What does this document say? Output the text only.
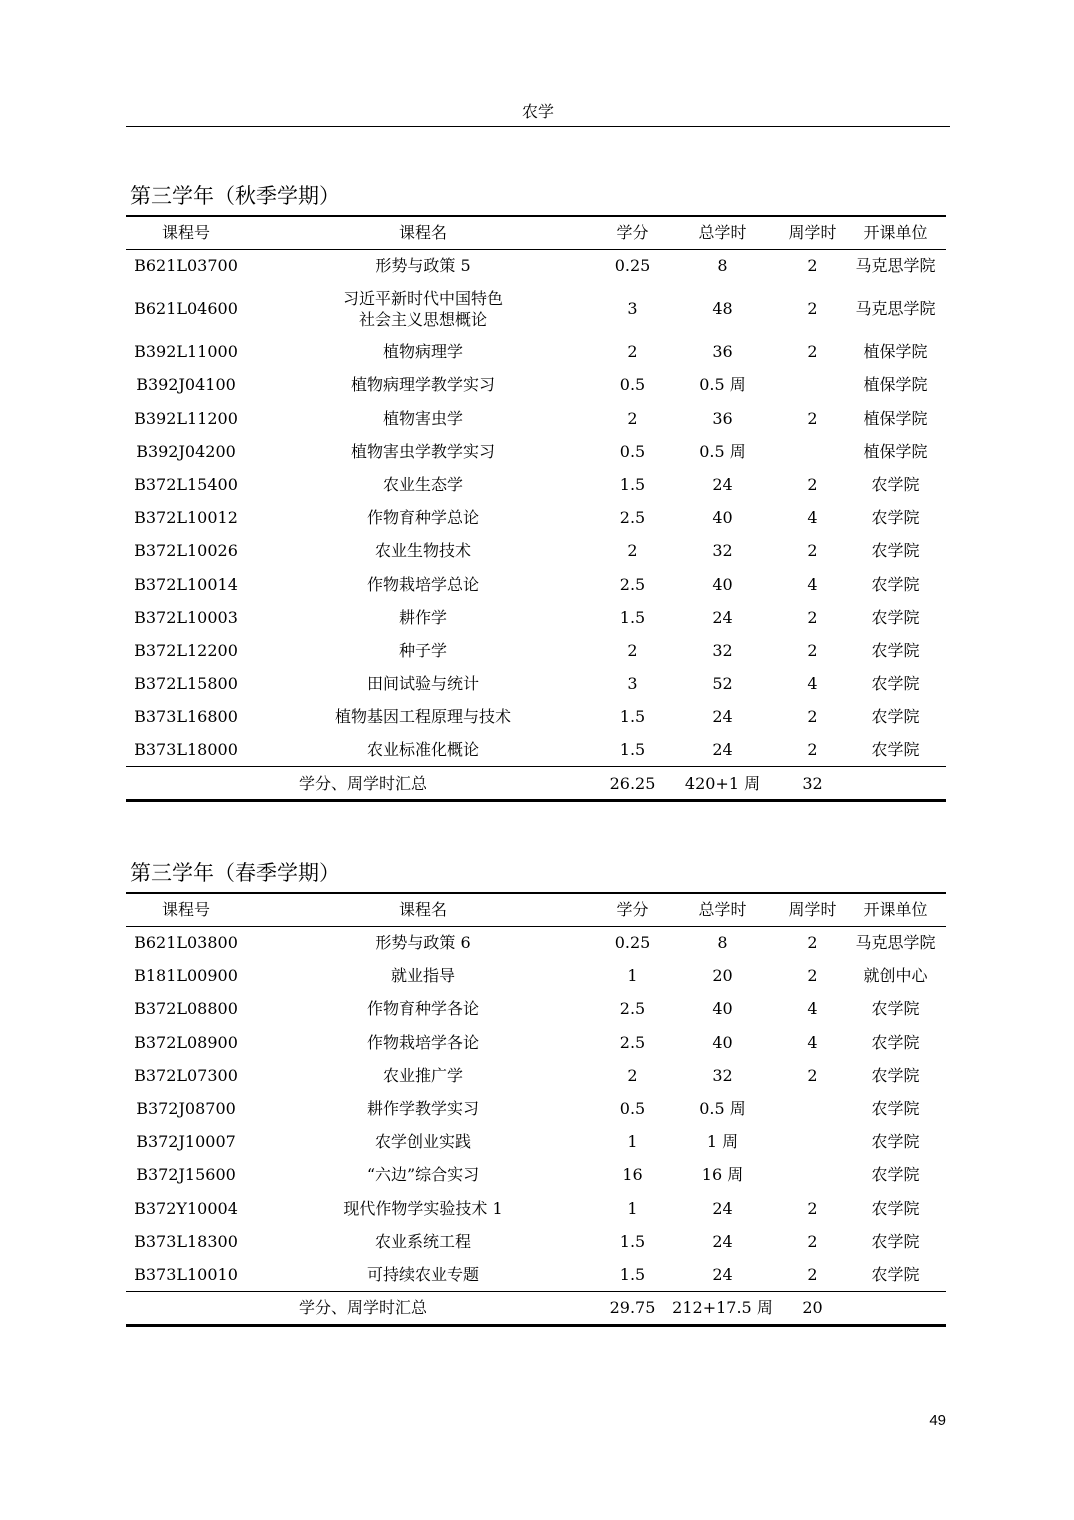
农学
第三学年（秋季学期）
课程号	课程名	学分	总学时	周学时	开课单位
B621L03700	形势与政策 5	0.25	8	2	马克思学院
B621L04600	习近平新时代中国特色
社会主义思想概论	3	48	2	马克思学院
B392L11000	植物病理学	2	36	2	植保学院
B392J04100	植物病理学教学实习	0.5	0.5 周		植保学院
B392L11200	植物害虫学	2	36	2	植保学院
B392J04200	植物害虫学教学实习	0.5	0.5 周		植保学院
B372L15400	农业生态学	1.5	24	2	农学院
B372L10012	作物育种学总论	2.5	40	4	农学院
B372L10026	农业生物技术	2	32	2	农学院
B372L10014	作物栽培学总论	2.5	40	4	农学院
B372L10003	耕作学	1.5	24	2	农学院
B372L12200	种子学	2	32	2	农学院
B372L15800	田间试验与统计	3	52	4	农学院
B373L16800	植物基因工程原理与技术	1.5	24	2	农学院
B373L18000	农业标准化概论	1.5	24	2	农学院
学分、周学时汇总		26.25	420+1 周	32	
第三学年（春季学期）
课程号	课程名	学分	总学时	周学时	开课单位
B621L03800	形势与政策 6	0.25	8	2	马克思学院
B181L00900	就业指导	1	20	2	就创中心
B372L08800	作物育种学各论	2.5	40	4	农学院
B372L08900	作物栽培学各论	2.5	40	4	农学院
B372L07300	农业推广学	2	32	2	农学院
B372J08700	耕作学教学实习	0.5	0.5 周		农学院
B372J10007	农学创业实践	1	1 周		农学院
B372J15600	“六边”综合实习	16	16 周		农学院
B372Y10004	现代作物学实验技术 1	1	24	2	农学院
B373L18300	农业系统工程	1.5	24	2	农学院
B373L10010	可持续农业专题	1.5	24	2	农学院
学分、周学时汇总		29.75	212+17.5 周	20	
49
